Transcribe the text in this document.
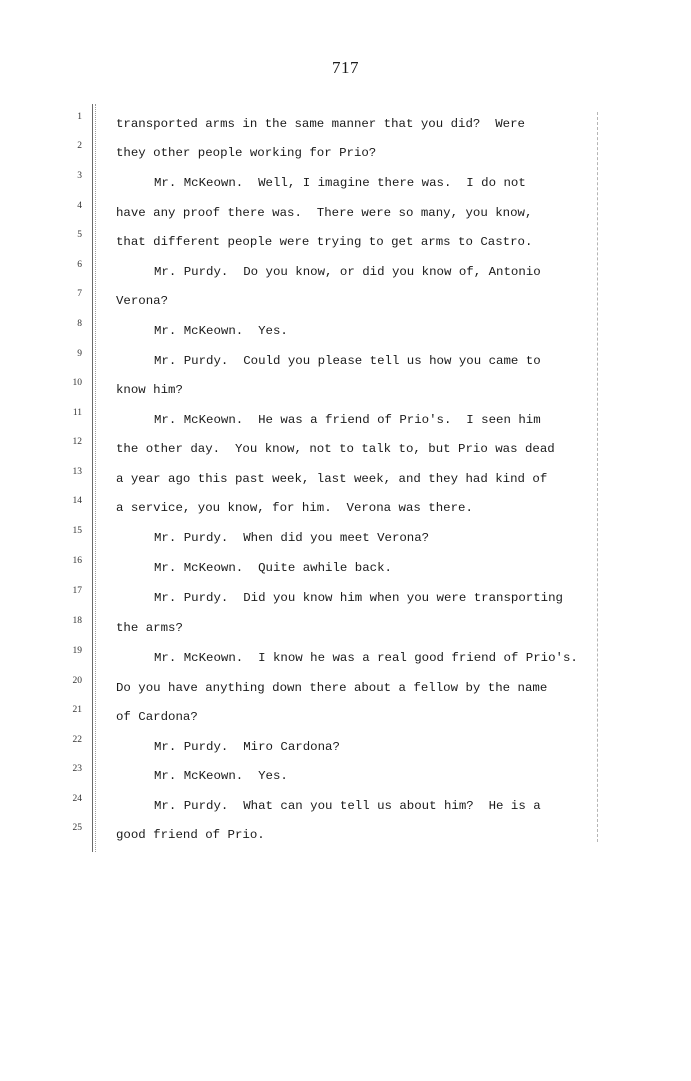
717
1	transported arms in the same manner that you did?  Were
2	they other people working for Prio?
3	Mr. McKeown.  Well, I imagine there was.  I do not
4	have any proof there was.  There were so many, you know,
5	that different people were trying to get arms to Castro.
6	Mr. Purdy.  Do you know, or did you know of, Antonio
7	Verona?
8	Mr. McKeown.  Yes.
9	Mr. Purdy.  Could you please tell us how you came to
10	know him?
11	Mr. McKeown.  He was a friend of Prio's.  I seen him
12	the other day.  You know, not to talk to, but Prio was dead
13	a year ago this past week, last week, and they had kind of
14	a service, you know, for him.  Verona was there.
15	Mr. Purdy.  When did you meet Verona?
16	Mr. McKeown.  Quite awhile back.
17	Mr. Purdy.  Did you know him when you were transporting
18	the arms?
19	Mr. McKeown.  I know he was a real good friend of Prio's.
20	Do you have anything down there about a fellow by the name
21	of Cardona?
22	Mr. Purdy.  Miro Cardona?
23	Mr. McKeown.  Yes.
24	Mr. Purdy.  What can you tell us about him?  He is a
25	good friend of Prio.
